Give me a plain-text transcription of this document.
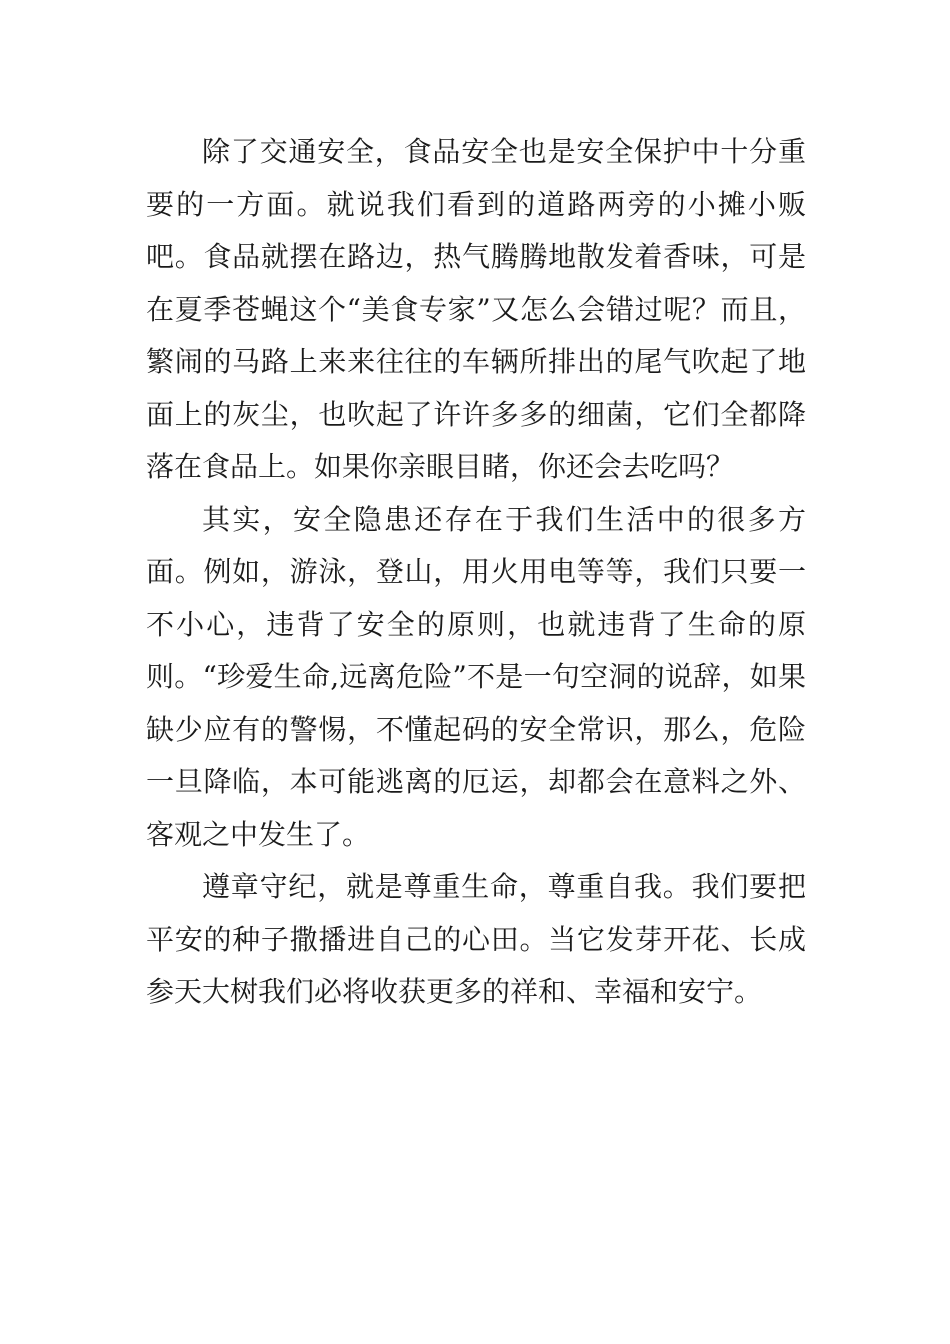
除了交通安全，食品安全也是安全保护中十分重要的一方面。就说我们看到的道路两旁的小摊小贩吧。食品就摆在路边，热气腾腾地散发着香味，可是在夏季苍蝇这个“美食专家”又怎么会错过呢？而且，繁闹的马路上来来往往的车辆所排出的尾气吹起了地面上的灰尘，也吹起了许许多多的细菌，它们全都降落在食品上。如果你亲眼目睹，你还会去吃吗？

其实，安全隐患还存在于我们生活中的很多方面。例如，游泳，登山，用火用电等等，我们只要一不小心，违背了安全的原则，也就违背了生命的原则。“珍爱生命,远离危险”不是一句空洞的说辞，如果缺少应有的警惕，不懂起码的安全常识，那么，危险一旦降临，本可能逃离的厄运，却都会在意料之外、客观之中发生了。

遵章守纪，就是尊重生命，尊重自我。我们要把平安的种子撒播进自己的心田。当它发芽开花、长成参天大树我们必将收获更多的祥和、幸福和安宁。
